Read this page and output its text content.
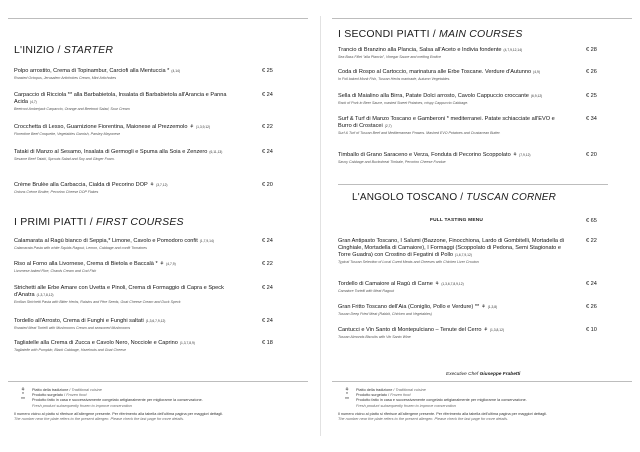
L'INIZIO / STARTER
Polpo arrostito, Crema di Topinambur, Carciofi alla Mentuccia * $^{(4,14)}$
Roasted Octopus, Jerusalem Artichokes Cream, Mint Artichokes
€ 25
Carpaccio di Ricciola ** alla Barbabietola, Insalata di Barbabietola all'Arancia e Panna Acida $^{(4,7)}$
Beetroot Amberjack Carpaccio, Orange and Beetroot Salad, Sour Cream
€ 24
Crocchetta di Lesso, Guarnizione Fiorentina, Maionese al Prezzemolo ⚘ $^{(1,3,9,12)}$
Florentine Beef Croquette, Vegetables Garnish, Parsley Mayonese
€ 22
Tataki di Manzo al Sesamo, Insalata di Germogli e Spuma alla Soia e Zenzero $^{(6,11,13)}$
Sesame Beef Tataki, Sprouts Salad and Soy and Ginger Foam.
€ 24
Crème Brulèe alla Carbaccia, Cialda di Pecorino DOP ⚘ $^{(3,7,12)}$
Onions Crème Brulèe, Pecorino Cheese DOP Flakes
€ 20
I PRIMI PIATTI / FIRST COURSES
Calamarata al Ragù bianco di Seppia,* Limone, Cavolo e Pomodoro confit $^{(1,7,9,14)}$
Calamarata Pasta with white Squids Ragout, Lemon, Cabbage and confit Tomatoes
€ 24
Riso al Forno alla Livornese, Crema di Bietola e Baccalà * ⚘ $^{(4,7,9)}$
Livornese baked Rice, Chards Cream and Cod Fish
€ 22
Strichetti alle Erbe Amare con Uvetta e Pinoli, Crema di Formaggio di Capra e Speck d'Anatra $^{(1,3,7,8,12)}$
Emilian Strichetti Pasta with Bitter Herbs, Raisins and Pine Seeds, Goat Cheese Cream and Duck Speck
€ 24
Tordello all'Arrosto, Crema di Funghi e Funghi saltati $^{(1,3,6,7,9,12)}$
Roasted Meat Tortelli with Mushrooms Cream and seasoned Mushrooms
€ 24
Tagliatelle alla Crema di Zucca e Cavolo Nero, Nocciole e Caprino $^{(1,3,7,8,9)}$
Tagliatelle with Pumpkin, Black Cabbage, Hazelnuts and Goat Cheese
€ 18
I SECONDI PIATTI / MAIN COURSES
Trancio di Branzino alla Plancia, Salsa all'Aceto e Indivia fondente $^{(4,7,9,12,14)}$
Sea Bass Fillet "alla Plancia", Vinegar Sauce and melting Endive
€ 28
Coda di Rospo al Cartoccio, marinatura alle Erbe Toscane. Verdure d'Autunno $^{(4,9)}$
In Foil baked Monk Fish, Tuscan Herbs marinade, Autumn Vegetables.
€ 26
Sella di Maialino alla Birra, Patate Dolci arrosto, Cavolo Cappuccio croccante $^{(6,9,12)}$
Rack of Pork in Beer Sauce, roasted Sweet Potatoes, crispy Cappuccio Cabbage.
€ 25
Surf & Turf di Manzo Toscano e Gamberoni * mediterranei. Patate schiacciate all'EVO e Burro di Crostacei $^{(2,7)}$
Surf & Turf of Tuscan Beef and Mediterranean Prawns. Mashed EVO Potatoes and Crustacean Butter.
€ 34
Timballo di Grano Saraceno e Verza, Fonduta di Pecorino Scoppolato ⚘ $^{(7,9,12)}$
Savoy Cabbage and Buckwheat Timbale, Pecorino Cheese Fondue
€ 20
L'ANGOLO TOSCANO / TUSCAN CORNER
FULL TASTING MENU	€ 65
Gran Antipasto Toscano, I Salumi (Bazzone, Finocchiona, Lardo di Gombitelli, Mortadella di Cinghiale, Mortadella di Camaiore), I Formaggi (Scoppolato di Pedona, Semi Stagionato e Torre Guadra) con Crostino di Fegatini di Pollo $^{(1,6,7,9,12)}$
Typical Tuscan Selection of Local Cured Meats and Cheeses with Chicken Liver Crouton
€ 22
Tordello di Camaiore al Ragù di Carne ⚘ $^{(1,3,6,7,8,9,12)}$
Camaiore Tortelli with Meat Ragout
€ 24
Gran Fritto Toscano dell'Aia (Coniglio, Pollo e Verdure) ** ⚘ $^{(1,3,8)}$
Tuscan Deep Fried Meat (Rabbit, Chicken and Vegetables)
€ 26
Cantucci e Vin Santo di Montepulciano – Tenute del Cerro ⚘ $^{(1,3,8,12)}$
Tuscan Almonds Biscuits with Vin Santo Wine
€ 10
Executive Chef Giuseppe Frabetti
⚘	Piatto della tradizione / Traditional cuisine
*	Prodotto surgelato / Frozen food
**	Prodotto fatto in casa e successivamente congelato artigianalmente per migliorarne la conservazione.
Fresh product subsequently frozen to improve conservation
Il numero vicino al piatto si riferisce all'allergene presente. Per riferimento alla tabella dell'ultima pagina per maggiori dettagli.
The number near the plate refers to the present allergen. Please check the last page for more details.
⚘	Piatto della tradizione / Traditional cuisine
*	Prodotto surgelato / Frozen food
**	Prodotto fatto in casa e successivamente congelato artigianalmente per migliorarne la conservazione.
Fresh product subsequently frozen to improve conservation
Il numero vicino al piatto si riferisce all'allergene presente. Per riferimento alla tabella dell'ultima pagina per maggiori dettagli.
The number near the plate refers to the present allergen. Please check the last page for more details.
